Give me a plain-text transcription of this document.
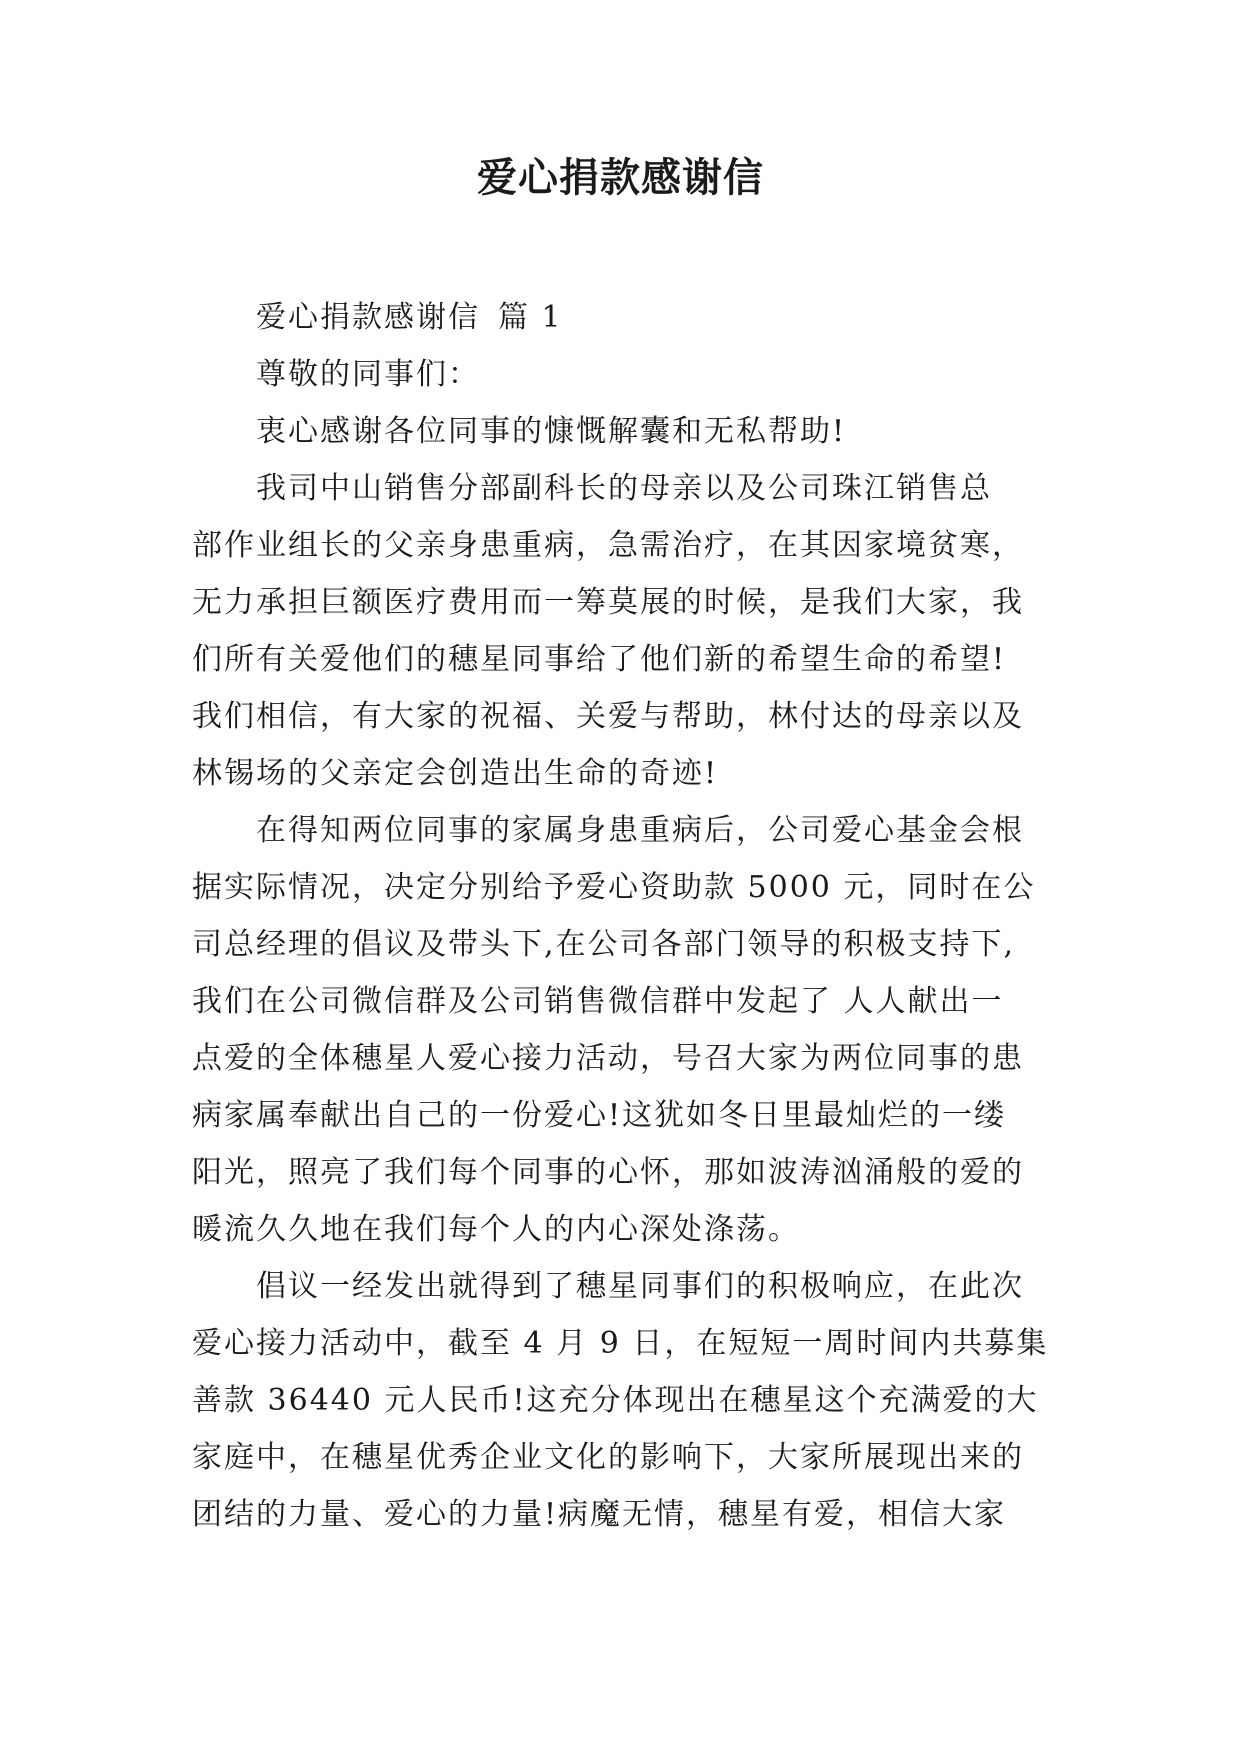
爱心捐款感谢信
爱心捐款感谢信 篇 1
尊敬的同事们：
衷心感谢各位同事的慷慨解囊和无私帮助!
我司中山销售分部副科长的母亲以及公司珠江销售总
部作业组长的父亲身患重病，急需治疗，在其因家境贫寒，
无力承担巨额医疗费用而一筹莫展的时候，是我们大家，我
们所有关爱他们的穗星同事给了他们新的希望生命的希望!
我们相信，有大家的祝福、关爱与帮助，林付达的母亲以及
林锡场的父亲定会创造出生命的奇迹!
在得知两位同事的家属身患重病后，公司爱心基金会根
据实际情况，决定分别给予爱心资助款 5000 元，同时在公
司总经理的倡议及带头下,在公司各部门领导的积极支持下,
我们在公司微信群及公司销售微信群中发起了 人人献出一
点爱的全体穗星人爱心接力活动，号召大家为两位同事的患
病家属奉献出自己的一份爱心!这犹如冬日里最灿烂的一缕
阳光，照亮了我们每个同事的心怀，那如波涛汹涌般的爱的
暖流久久地在我们每个人的内心深处涤荡。
倡议一经发出就得到了穗星同事们的积极响应，在此次
爱心接力活动中，截至 4 月 9 日，在短短一周时间内共募集
善款 36440 元人民币!这充分体现出在穗星这个充满爱的大
家庭中，在穗星优秀企业文化的影响下，大家所展现出来的
团结的力量、爱心的力量!病魔无情，穗星有爱，相信大家
